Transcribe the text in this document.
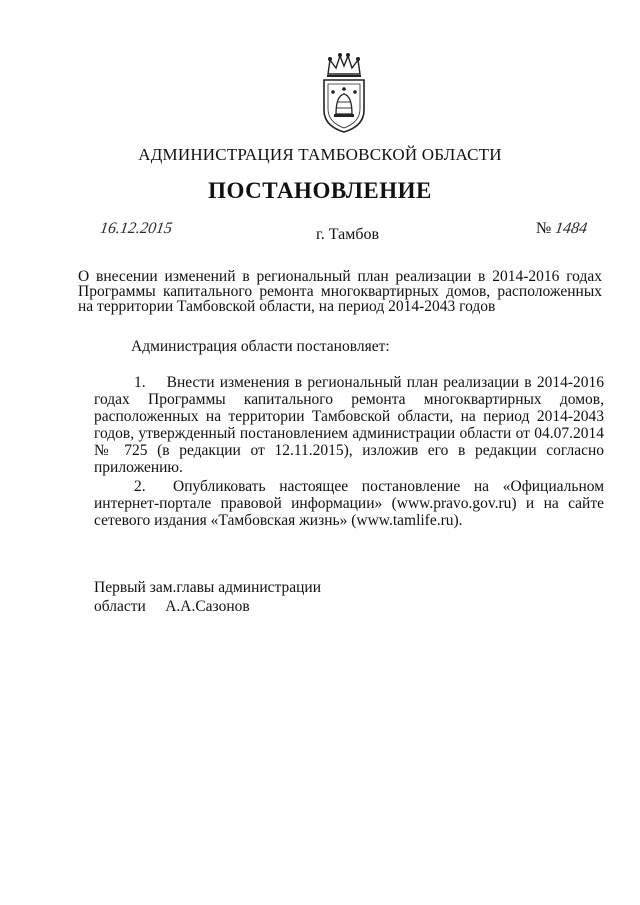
АДМИНИСТРАЦИЯ ТАМБОВСКОЙ ОБЛАСТИ
ПОСТАНОВЛЕНИЕ
16.12.2015	г. Тамбов	№ 1484
О внесении изменений в региональный план реализации в 2014-2016 годах Программы капитального ремонта многоквартирных домов, расположенных на территории Тамбовской области, на период 2014-2043 годов
Администрация области постановляет:
1. Внести изменения в региональный план реализации в 2014-2016 годах Программы капитального ремонта многоквартирных домов, расположенных на территории Тамбовской области, на период 2014-2043 годов, утвержденный постановлением администрации области от 04.07.2014 № 725 (в редакции от 12.11.2015), изложив его в редакции согласно приложению.
2. Опубликовать настоящее постановление на «Официальном интернет-портале правовой информации» (www.pravo.gov.ru) и на сайте сетевого издания «Тамбовская жизнь» (www.tamlife.ru).
Первый зам.главы администрации
области А.А.Сазонов
